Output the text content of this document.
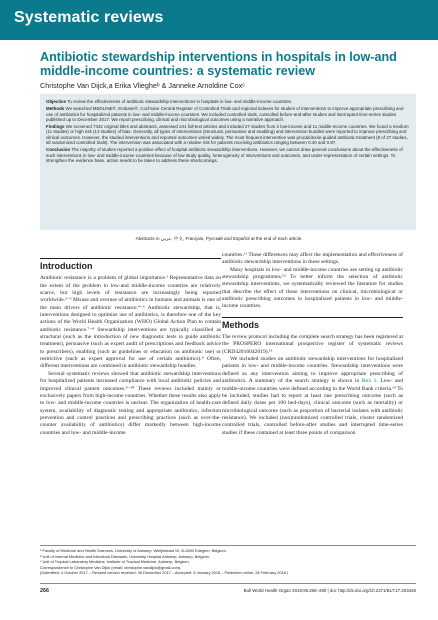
Systematic reviews
Antibiotic stewardship interventions in hospitals in low-and middle-income countries: a systematic review
Christophe Van Dijck,a Erika Vliegheᵇ & Janneke Arnoldine Coxᶜ

Objective To review the effectiveness of antibiotic stewardship interventions in hospitals in low- and middle-income countries.

Methods We searched MEDLINE®, Embase®, Cochrane Central Register of Controlled Trials and regional indexes for studies of interventions to improve appropriate prescribing and use of antibiotics for hospitalized patients in low- and middle-income countries. We included controlled trials, controlled before-and-after studies and interrupted time-series studies published up to December 2017. We report prescribing, clinical and microbiological outcomes using a narrative approach.

Findings We screened 7342 original titles and abstracts, assessed 241 full-text articles and included 27 studies from 2 low-income and 11 middle-income countries. We found a medium (11 studies) or high risk (13 studies) of bias. Generally, all types of interventions (structural, persuasive and enabling) and intervention bundles were reported to improve prescribing and clinical outcomes. However, the studied interventions and reported outcomes varied widely. The most frequent intervention was procalcitonin-guided antibiotic treatment (8 of 27 studies, all randomized controlled trials). The intervention was associated with a relative risk for patients receiving antibiotics ranging between 0.40 and 0.87.

Conclusion The majority of studies reported a positive effect of hospital antibiotic stewardship interventions. However, we cannot draw general conclusions about the effectiveness of such interventions in low- and middle-income countries because of low study quality, heterogeneity of interventions and outcomes, and under-representation of certain settings. To strengthen the evidence base, action needs to be taken to address these shortcomings.

Abstracts in عربي, 中文, Français, Русский and Español at the end of each article.
Introduction

Antibiotic resistance is a problem of global importance.¹ Representative data on the extent of the problem in low-and middle-income countries are relatively scarce, but high levels of resistance are increasingly being reported worldwide.²⁻³ Misuse and overuse of antibiotics in humans and animals is one of the main drivers of antibiotic resistance.⁴⁻⁶ Antibiotic stewardship, that is, interventions designed to optimize use of antibiotics, is therefore one of the key actions of the World Health Organization (WHO) Global Action Plan to contain antibiotic resistance.⁷⁻⁸ Stewardship interventions are typically classified as structural (such as the introduction of new diagnostic tests to guide antibiotic treatment), persuasive (such as expert audit of prescriptions and feedback advice to prescribers), enabling (such as guidelines or education on antibiotic use) or restrictive (such as expert approval for use of certain antibiotics).⁹ Often, different interventions are combined in antibiotic stewardship bundles.

Several systematic reviews showed that antibiotic stewardship interventions for hospitalized patients increased compliance with local antibiotic policies and improved clinical patient outcomes.⁹⁻¹⁰ These reviews included mainly or exclusively papers from high-income countries. Whether these results also apply to low- and middle-income countries is unclear. The organization of health-care system, availability of diagnostic testing and appropriate antibiotics, infection prevention and control practices and prescribing practices (such as over-the-counter availability of antibiotics) differ markedly between high-income countries and low- and middle-income

countries.¹¹ These differences may affect the implementation and effectiveness of antibiotic stewardship interventions in these settings.

Many hospitals in low- and middle-income countries are setting up antibiotic stewardship programmes.¹² To better inform the selection of antibiotic stewardship interventions, we systematically reviewed the literature for studies that describe the effect of these interventions on clinical, microbiological or antibiotic prescribing outcomes in hospitalized patients in low- and middle-income countries.

Methods

The review protocol including the complete search strategy has been registered at the PROSPERO international prospective register of systematic reviews (CRD42016042019).¹³

We included studies on antibiotic stewardship interventions for hospitalized patients in low- and middle-income countries. Stewardship interventions were defined as any intervention aiming to improve appropriate prescribing of antibiotics. A summary of the search strategy is shown in Box 1. Low- and middle-income countries were defined according to the World Bank criteria.¹⁴ To be included, studies had to report at least one prescribing outcome (such as defined daily doses per 100 bed-days), clinical outcome (such as mortality) or microbiological outcome (such as proportion of bacterial isolates with antibiotic resistance). We included (non)randomized controlled trials, cluster randomized controlled trials, controlled before-after studies and interrupted time-series studies if these contained at least three points of comparison

ᵃ Faculty of Medicine and Health Sciences, University of Antwerp, Wilrijkstraat 10, B-2650 Edegem, Belgium.
ᵇ Unit of Internal Medicine and Infectious Diseases, University Hospital Antwerp, Antwerp, Belgium.
ᶜ Unit of Tropical Laboratory Medicine, Institute of Tropical Medicine, Antwerp, Belgium.
Correspondence to Christophe Van Dijck (email: christophe.vandijck@gmail.com).
(Submitted: 4 October 2017 – Revised version received: 26 December 2017 – Accepted: 8 January 2018 – Published online: 28 February 2018 )
266	Bull World Health Organ 2018;96:266–280 | doi: http://dx.doi.org/10.2471/BLT.17.203448
